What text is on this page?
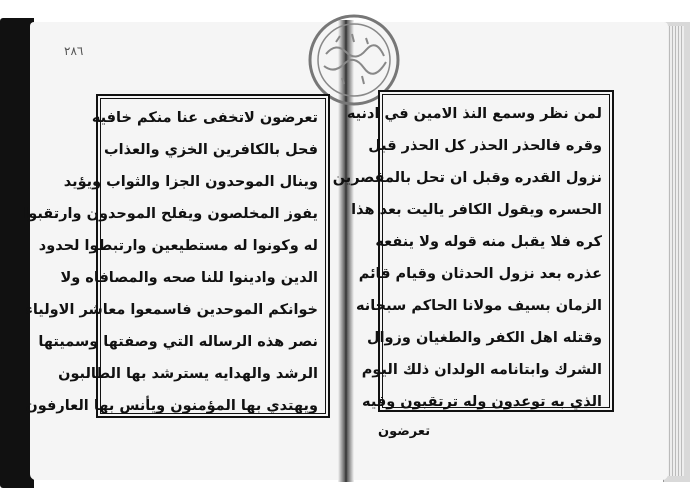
۲۸٦
تعرضون لاتخفى عنا منكم خافيه
فحل بالكافرين الخزي والعذاب
وينال الموحدون الجزا والثواب ويؤيد
يفوز المخلصون ويفلح الموحدون وارتقبوا
له وكونوا له مستطيعين وارتبطوا لحدود
الدين وادينوا للنا صحه والمصافاه ولا
خوانكم الموحدين فاسمعوا معاشر الاولياء
نصر هذه الرساله التي وصفتها وسميتها
الرشد والهدايه يسترشد بها الطالبون
ويهتدي بها المؤمنون ويأنس بها العارفون
لمن نظر وسمع النذ الامين في ادنيه
وقره فالحذر الحذر كل الحذر قبل
نزول القدره وقبل ان تحل بالمقصرين
الحسره ويقول الكافر ياليت بعد هذا
كره فلا يقبل منه قوله ولا ينفعه
عذره بعد نزول الحدثان وقيام قائم
الزمان بسيف مولانا الحاكم سبحانه
وقتله اهل الكفر والطغيان وزوال
الشرك وابتانامه الولدان ذلك اليوم
الذي به توعدون وله ترتقبون وفيه
تعرضون
